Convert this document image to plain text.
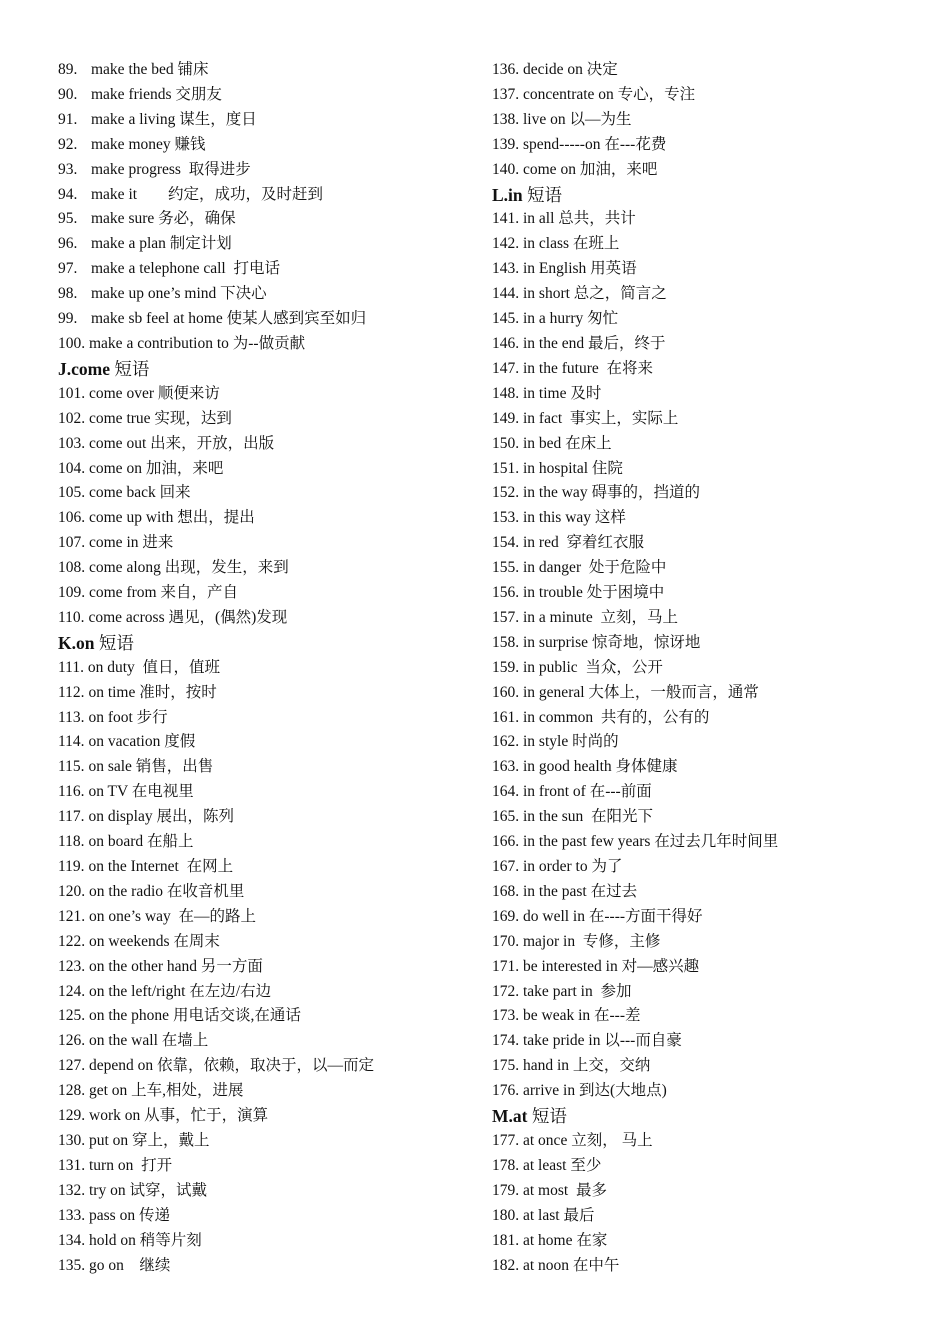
89. make the bed 铺床
90. make friends 交朋友
91. make a living 谋生，度日
92. make money 赚钱
93. make progress  取得进步
94. make it        约定，成功，及时赶到
95. make sure 务必，确保
96. make a plan 制定计划
97. make a telephone call  打电话
98. make up one’s mind 下决心
99. make sb feel at home 使某人感到宾至如归
100. make a contribution to 为--做贡献
J.come 短语
101. come over 顺便来访
102. come true 实现，达到
103. come out 出来，开放，出版
104. come on 加油，来吧
105. come back 回来
106. come up with 想出，提出
107. come in 进来
108. come along 出现，发生，来到
109. come from 来自，产自
110. come across 遇见，(偶然)发现
K.on 短语
111. on duty  值日，值班
112. on time 准时，按时
113. on foot 步行
114. on vacation 度假
115. on sale 销售，出售
116. on TV 在电视里
117. on display 展出，陈列
118. on board 在船上
119. on the Internet  在网上
120. on the radio 在收音机里
121. on one’s way  在—的路上
122. on weekends 在周末
123. on the other hand 另一方面
124. on the left/right 在左边/右边
125. on the phone 用电话交谈,在通话
126. on the wall 在墙上
127. depend on 依靠，依赖，取决于，以—而定
128. get on 上车,相处，进展
129. work on 从事，忙于，演算
130. put on 穿上，戴上
131. turn on  打开
132. try on 试穿，试戴
133. pass on 传递
134. hold on 稍等片刻
135. go on    继续
136. decide on 决定
137. concentrate on 专心，专注
138. live on 以—为生
139. spend-----on 在---花费
140. come on 加油，来吧
L.in 短语
141. in all 总共，共计
142. in class 在班上
143. in English 用英语
144. in short 总之，简言之
145. in a hurry 匆忙
146. in the end 最后，终于
147. in the future  在将来
148. in time 及时
149. in fact  事实上，实际上
150. in bed 在床上
151. in hospital 住院
152. in the way 碍事的，挡道的
153. in this way 这样
154. in red  穿着红衣服
155. in danger  处于危险中
156. in trouble 处于困境中
157. in a minute  立刻，马上
158. in surprise 惊奇地，惊讶地
159. in public  当众，公开
160. in general 大体上，一般而言，通常
161. in common  共有的，公有的
162. in style 时尚的
163. in good health 身体健康
164. in front of 在---前面
165. in the sun  在阳光下
166. in the past few years 在过去几年时间里
167. in order to 为了
168. in the past 在过去
169. do well in 在----方面干得好
170. major in  专修，主修
171. be interested in 对—感兴趣
172. take part in  参加
173. be weak in 在---差
174. take pride in 以---而自豪
175. hand in 上交，交纳
176. arrive in 到达(大地点)
M.at 短语
177. at once 立刻， 马上
178. at least 至少
179. at most  最多
180. at last 最后
181. at home 在家
182. at noon 在中午
